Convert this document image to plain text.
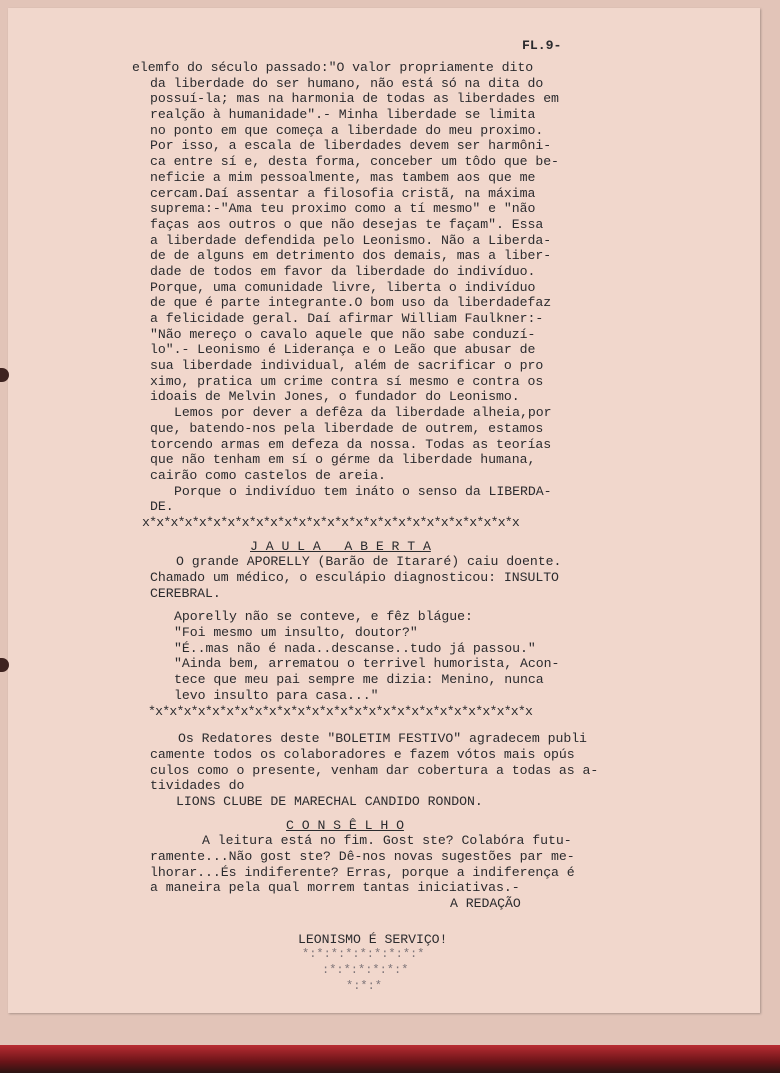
FL.9-
elemfo do século passado:"O valor propriamente dito
da liberdade do ser humano, não está só na dita do
possuí-la; mas na harmonia de todas as liberdades em
realção à humanidade".- Minha liberdade se limita
no ponto em que começa a liberdade do meu proximo.
Por isso, a escala de liberdades devem ser harmôni-
ca entre sí e, desta forma, conceber um tôdo que be-
neficie a mim pessoalmente, mas tambem aos que me
cercam.Daí assentar a filosofia cristã, na máxima
suprema:-"Ama teu proximo como a tí mesmo" e "não
faças aos outros o que não desejas te façam". Essa
a liberdade defendida pelo Leonismo. Não a Liberda-
de de alguns em detrimento dos demais, mas a liber-
dade de todos em favor da liberdade do indivíduo.
Porque, uma comunidade livre, liberta o indivíduo
de que é parte integrante.O bom uso da liberdadefaz
a felicidade geral. Daí afirmar William Faulkner:-
"Não mereço o cavalo aquele que não sabe conduzí-
lo".- Leonismo é Liderança e o Leão que abusar de
sua liberdade individual, além de sacrificar o pro
ximo, pratica um crime contra sí mesmo e contra os
idoais de Melvin Jones, o fundador do Leonismo.
Lemos por dever a defêza da liberdade alheia,por
que, batendo-nos pela liberdade de outrem, estamos
torcendo armas em defeza da nossa. Todas as teorías
que não tenham em sí o gérme da liberdade humana,
cairão como castelos de areia.
Porque o indivíduo tem ináto o senso da LIBERDA-
DE.
x*x*x*x*x*x*x*x*x*x*x*x*x*x*x*x*x*x*x*x*x*x*x*x*x*x*x
J A U L A   A B E R T A
O grande APORELLY (Barão de Itararé) caiu doente.
Chamado um médico, o esculápio diagnosticou: INSULTO
CEREBRAL.
Aporelly não se conteve, e fêz blágue:
"Foi mesmo um insulto, doutor?"
"É..mas não é nada..descanse..tudo já passou."
"Ainda bem, arrematou o terrivel humorista, Acon-
tece que meu pai sempre me dizia: Menino, nunca
levo insulto para casa..."
*x*x*x*x*x*x*x*x*x*x*x*x*x*x*x*x*x*x*x*x*x*x*x*x*x*x*x
Os Redatores deste "BOLETIM FESTIVO" agradecem publi
camente todos os colaboradores e fazem vótos mais opús
culos como o presente, venham dar cobertura a todas as a-
tividades do
LIONS CLUBE DE MARECHAL CANDIDO RONDON.
C O N S Ê L H O
A leitura está no fim. Gost ste? Colabóra futu-
ramente...Não gost ste? Dê-nos novas sugestões par me-
lhorar...És indiferente? Erras, porque a indiferença é
a maneira pela qual morrem tantas iniciativas.-
A REDAÇÃO
LEONISMO É SERVIÇO!
*:*:*:*:*:*:*:*:*
:*:*:*:*:*:*
*:*:*
